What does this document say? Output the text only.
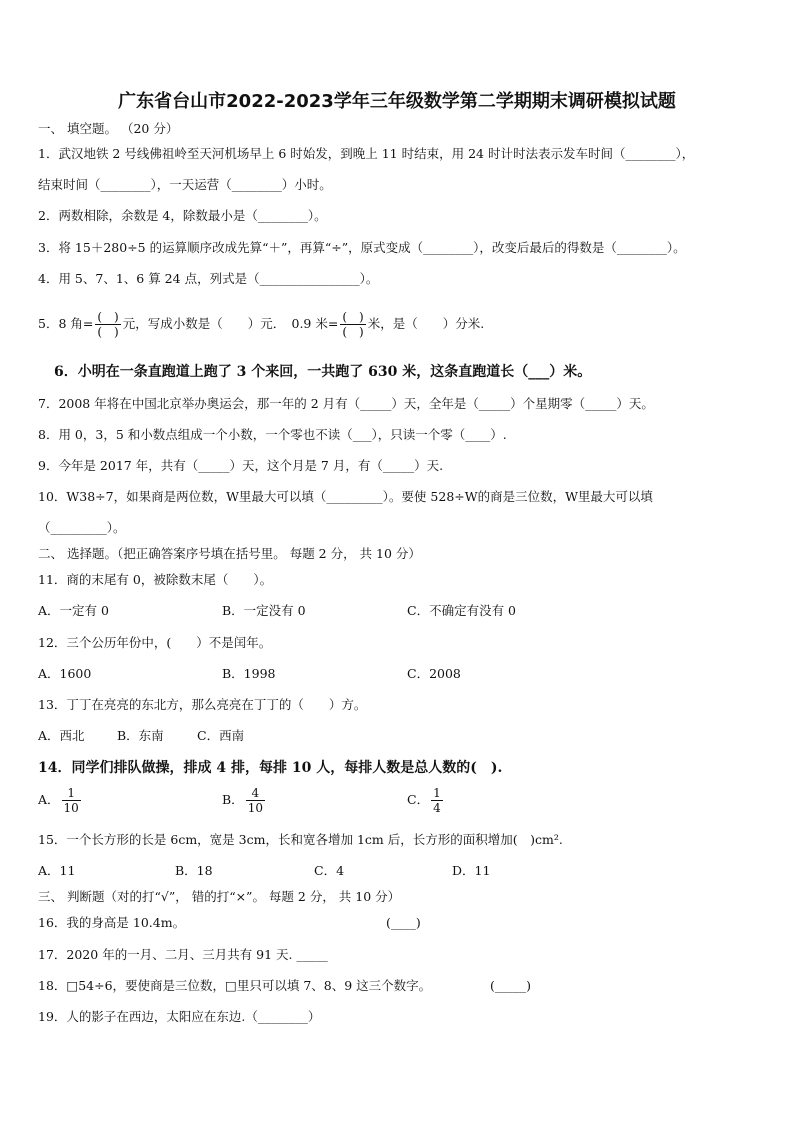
广东省台山市2022-2023学年三年级数学第二学期期末调研模拟试题
一、 填空题。 （20 分）
1．武汉地铁 2 号线佛祖岭至天河机场早上 6 时始发，到晚上 11 时结束，用 24 时计时法表示发车时间（________），
结束时间（________），一天运营（________）小时。
2．两数相除，余数是 4，除数最小是（________）。
3．将 15＋280÷5 的运算顺序改成先算“＋”，再算“÷”，原式变成（________），改变后最后的得数是（________）。
4．用 5、7、1、6 算 24 点，列式是（________________）。
5．8 角= $\frac{( )}{( )}$ 元，写成小数是（　　）元．　0.9 米= $\frac{( )}{( )}$ 米，是（　　）分米.
6．小明在一条直跑道上跑了 3 个来回，一共跑了 630 米，这条直跑道长（___）米。
7．2008 年将在中国北京举办奥运会，那一年的 2 月有（_____）天，全年是（_____）个星期零（_____）天。
8．用 0，3，5 和小数点组成一个小数，一个零也不读（___），只读一个零（____）.
9．今年是 2017 年，共有（_____）天，这个月是 7 月，有（_____）天.
10．W38÷7，如果商是两位数，W里最大可以填（_________）。要使 528÷W的商是三位数，W里最大可以填
（_________）。
二、 选择题。（把正确答案序号填在括号里。 每题 2 分， 共 10 分）
11．商的末尾有 0，被除数末尾（　　）。
A．一定有 0	B．一定没有 0	C．不确定有没有 0
12．三个公历年份中，(　　）不是闰年。
A．1600	B．1998	C．2008
13．丁丁在亮亮的东北方，那么亮亮在丁丁的（　　）方。
A．西北	B．东南	C．西南
14．同学们排队做操，排成 4 排，每排 10 人，每排人数是总人数的(　).
A． $\frac{1}{10}$	B． $\frac{4}{10}$	C． $\frac{1}{4}$
15．一个长方形的长是 6cm，宽是 3cm，长和宽各增加 1cm 后，长方形的面积增加(　)cm².
A．11	B．18	C．4	D．11
三、 判断题（对的打“√”， 错的打“×”。 每题 2 分， 共 10 分）
16．我的身高是 10.4m。	(____)
17．2020 年的一月、二月、三月共有 91 天. _____
18．□54÷6，要使商是三位数，□里只可以填 7、8、9 这三个数字。	(_____)
19．人的影子在西边，太阳应在东边.（________）
